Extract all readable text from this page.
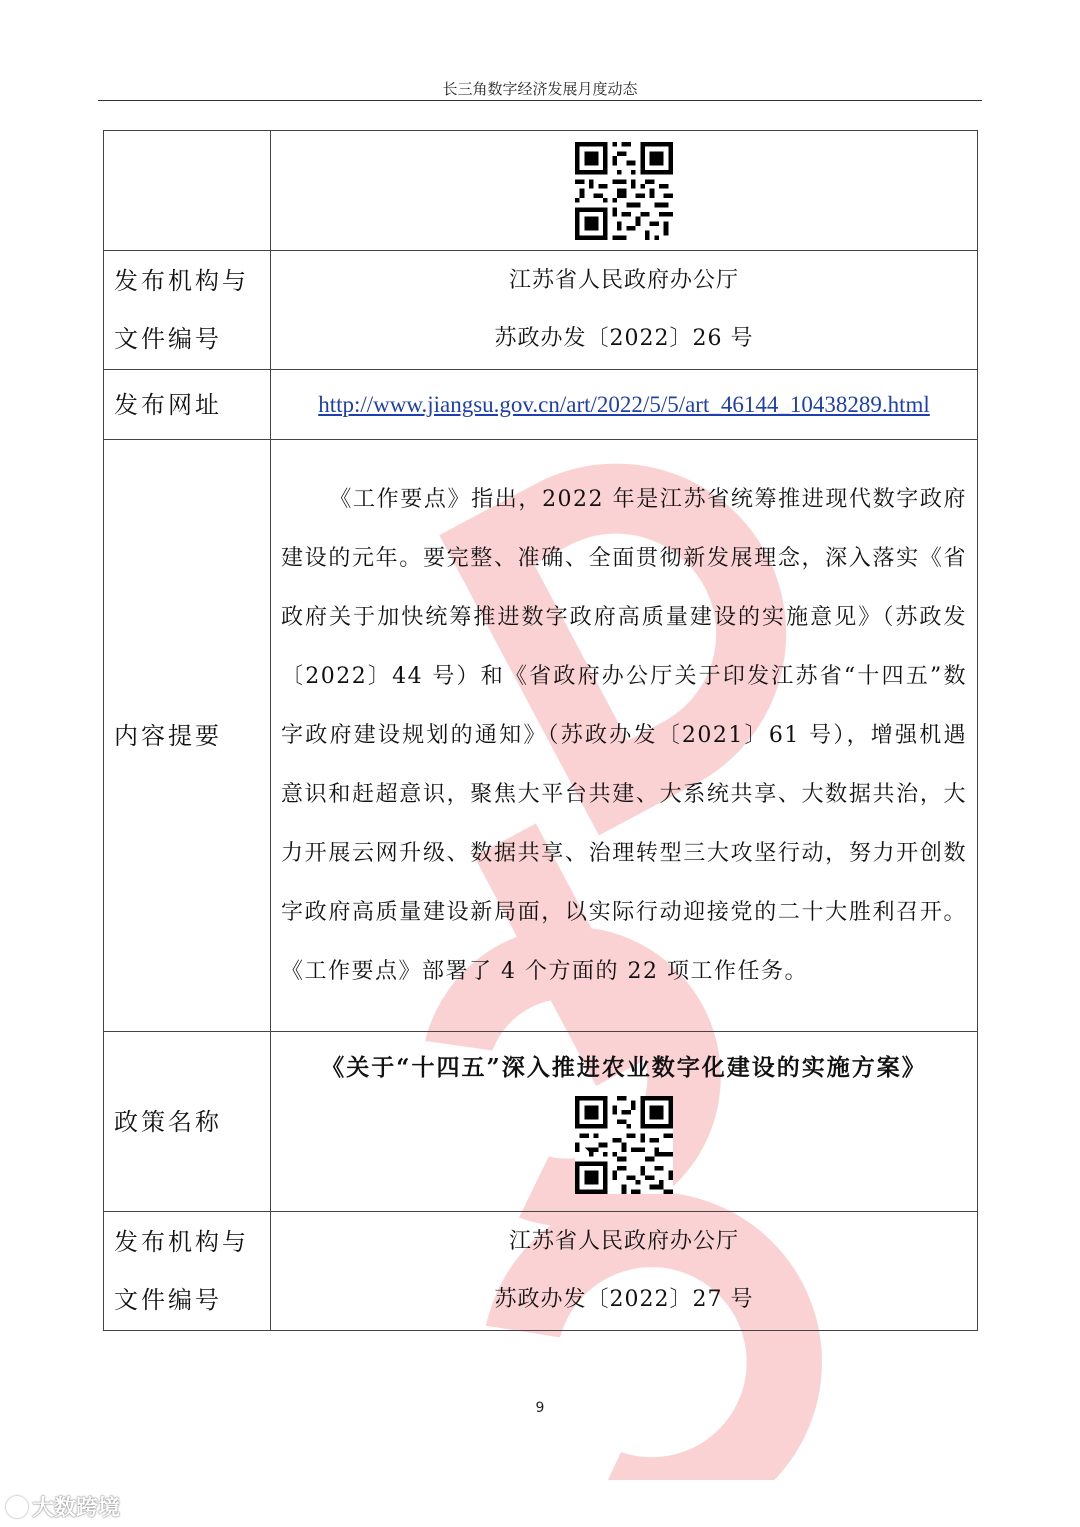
长三角数字经济发展月度动态

发布机构与文件编号	江苏省人民政府办公厅
苏政办发〔2022〕26 号

发布网址	http://www.jiangsu.gov.cn/art/2022/5/5/art_46144_10438289.html
内容提要	《工作要点》指出，2022 年是江苏省统筹推进现代数字政府建设的元年。要完整、准确、全面贯彻新发展理念，深入落实《省政府关于加快统筹推进数字政府高质量建设的实施意见》（苏政发〔2022〕44 号）和《省政府办公厅关于印发江苏省“十四五”数字政府建设规划的通知》（苏政办发〔2021〕61 号），增强机遇意识和赶超意识，聚焦大平台共建、大系统共享、大数据共治，大力开展云网升级、数据共享、治理转型三大攻坚行动，努力开创数字政府高质量建设新局面，以实际行动迎接党的二十大胜利召开。《工作要点》部署了 4 个方面的 22 项工作任务。

政策名称	《关于“十四五”深入推进农业数字化建设的实施方案》

发布机构与文件编号	江苏省人民政府办公厅
苏政办发〔2022〕27 号
9
大数跨境
